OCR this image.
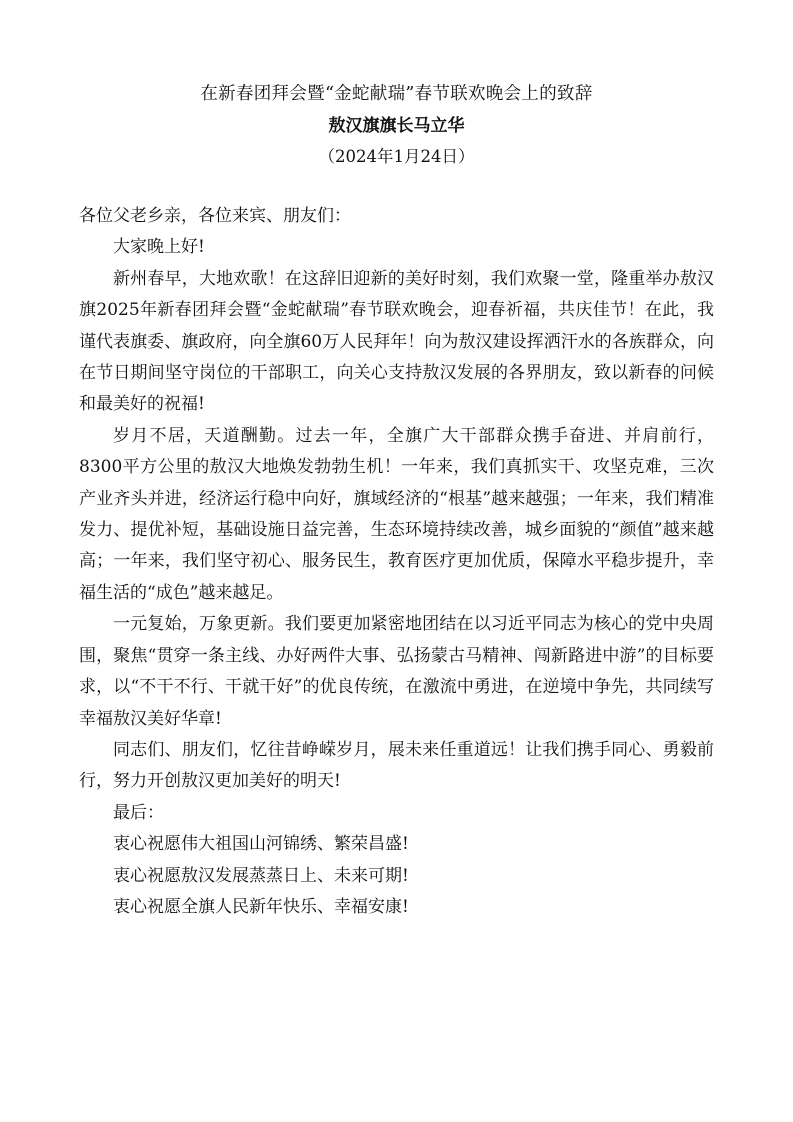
在新春团拜会暨“金蛇献瑞”春节联欢晚会上的致辞
敖汉旗旗长马立华
（2024年1月24日）

各位父老乡亲，各位来宾、朋友们：

大家晚上好!

新州春早，大地欢歌！在这辞旧迎新的美好时刻，我们欢聚一堂，隆重举办敖汉旗2025年新春团拜会暨“金蛇献瑞”春节联欢晚会，迎春祈福，共庆佳节！在此，我谨代表旗委、旗政府，向全旗60万人民拜年！向为敖汉建设挥洒汗水的各族群众，向在节日期间坚守岗位的干部职工，向关心支持敖汉发展的各界朋友，致以新春的问候和最美好的祝福!

岁月不居，天道酬勤。过去一年，全旗广大干部群众携手奋进、并肩前行，8300平方公里的敖汉大地焕发勃勃生机！一年来，我们真抓实干、攻坚克难，三次产业齐头并进，经济运行稳中向好，旗域经济的“根基”越来越强；一年来，我们精准发力、提优补短，基础设施日益完善，生态环境持续改善，城乡面貌的“颜值”越来越高；一年来，我们坚守初心、服务民生，教育医疗更加优质，保障水平稳步提升，幸福生活的“成色”越来越足。

一元复始，万象更新。我们要更加紧密地团结在以习近平同志为核心的党中央周围，聚焦“贯穿一条主线、办好两件大事、弘扬蒙古马精神、闯新路进中游”的目标要求，以“不干不行、干就干好”的优良传统，在激流中勇进，在逆境中争先，共同续写幸福敖汉美好华章!

同志们、朋友们，忆往昔峥嵘岁月，展未来任重道远！让我们携手同心、勇毅前行，努力开创敖汉更加美好的明天!

最后：

衷心祝愿伟大祖国山河锦绣、繁荣昌盛!

衷心祝愿敖汉发展蒸蒸日上、未来可期!

衷心祝愿全旗人民新年快乐、幸福安康!
